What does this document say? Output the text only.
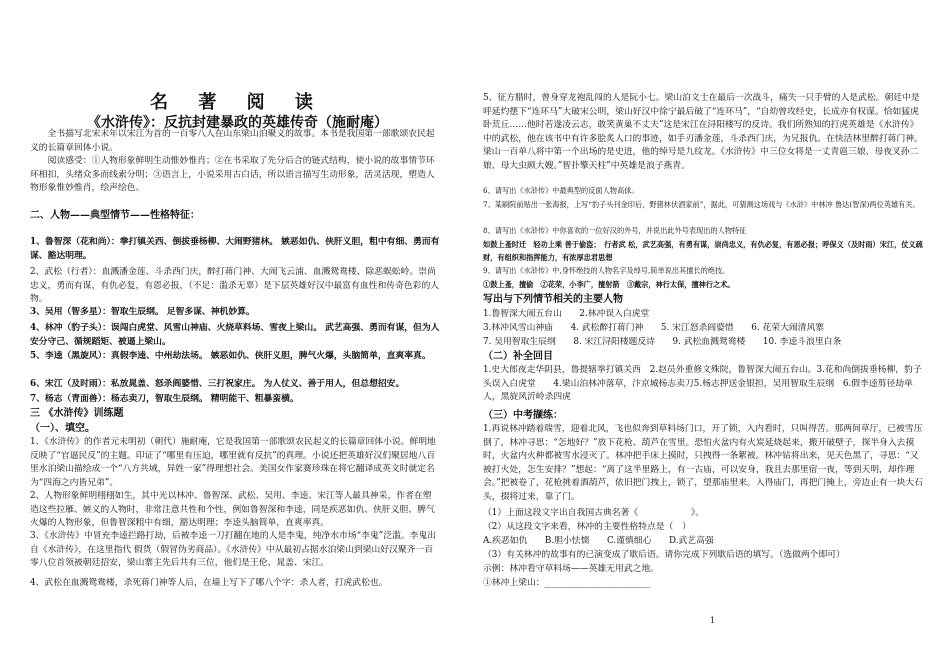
名 著 阅 读
《水浒传》：反抗封建暴政的英雄传奇（施耐庵）

全书描写北宋末年以宋江为首的一百零八人在山东梁山泊聚义的故事。本书是我国第一部歌颂农民起义的长篇章回体小说。

阅读感受：①人物形象鲜明生动惟妙惟肖；②在书采取了先分后合的链式结构，使小说的故事情节环环相扣，头绪众多而线索分明；③语言上，小说采用古白话，所以语言描写生动形象，活灵活现，塑造人物形象惟妙惟肖，绘声绘色。

二、人物——典型情节——性格特征：

1、鲁智深（花和尚）：拳打镇关西、倒拔垂杨柳、大闹野猪林。 嫉恶如仇、侠肝义胆，粗中有细、勇而有谋、豁达明理。

2、武松（行者）：血溅潘金莲、斗杀西门庆，醉打蒋门神、大闹飞云浦、血溅鸳鸯楼、除恶蜈蚣岭。崇尚忠义，勇而有谋，有仇必复，有恩必报，（不足：滥杀无辜）是下层英雄好汉中最富有血性和传奇色彩的人物。

3、吴用（智多星）：智取生辰纲。 足智多谋、神机妙算。

4、林冲（豹子头）：误闯白虎堂、风雪山神庙、火烧草料场、雪夜上梁山。 武艺高强、勇而有谋，但为人安分守己、循规蹈矩、被逼上梁山。

5、李逵（黑旋风）：真假李逵、中州劫法场。 嫉恶如仇、侠肝义胆，脾气火爆，头脑简单，直爽率真。

6、宋江（及时雨）：私放晁盖、怒杀阎婆惜、三打祝家庄。 为人仗义、善于用人，但总想招安。

7、杨志（青面兽）：杨志卖刀，智取生辰纲。 精明能干、粗暴蛮横。

三 《水浒传》训练题
（一）、填空。

1、《水浒传》的作者元末明初（朝代）施耐庵，它是我国第一部歌颂农民起义的长篇章回体小说。鲜明地反映了“官逼民反”的主题。印证了“哪里有压迫，哪里就有反抗”的真理。小说还把英雄好汉们聚居地八百里水泊梁山描绘成一个“八方共域，异姓一家”得理想社会。美国女作家赛珍珠在将它翻译成英文时就定名为“四海之内皆兄弟”。

2、人物形象鲜明栩栩如生，其中光以林冲、鲁智深、武松、吴用、李逵、宋江等人最具神采，作者在塑造这些拉雁、嫉义的人物时，非常注意共性和个性，例如鲁智深和李逵，同是疾恶如仇、侠肝义胆、脾气火爆的人物形象，但鲁智深粗中有细，豁达明理；李逵头脑简单，直爽率真。

3、《水浒传》中冒充李逵拦路打劫，后被李逵一刀打翻在地的人是李鬼，纯净水市场“李鬼”泛滥。李鬼出自《水浒传》，在这里指代 假货（假冒伪劣商品）。《水浒传》中从最初占据水泊梁山到梁山好汉聚齐一百零八位首领被朝廷招安，梁山寨主先后共有三位，他们是王伦、晁盖、宋江。

4、武松在血溅鸳鸯楼，杀死蒋门神等人后，在墙上写下了哪八个字：杀人者，打虎武松也。

1

5、征方腊时，曾身穿龙袍乱闯的人是阮小七。梁山泊文士在最后一次战斗，痛失一只手臂的人是武松。朝廷中是呼延灼摆下“连环马”大破宋公明，梁山好汉中徐宁最后破了“连环马”，“自幼曾攻经史，长成亦有权谋。恰如猛虎卧荒丘……他时若遂凌云志，敢笑黄巢不丈夫”这是宋江在浔阳楼写的反诗。我们所熟知的打虎英雄是《水浒传》中的武松，他在该书中有许多脍炙人口的事迹，如手刃潘金莲，斗杀西门庆，为兄报仇。在快活林里醉打蒋门神。梁山一百单八将中第一个出场的是史进，他的绰号是九纹龙。《水浒传》中三位女将是一丈青扈三娘、母夜叉孙二娘、母大虫顾大嫂。”智扑擎天柱”中英雄是浪子燕青。

6、请写出《水浒传》中最典型的反面人物高俅。

7、某刷院前贴出一张海报，上写“豹子头刊金印后，野猪林伏酒家前”，据此，可猜测这场戏与《水浒》中林冲 鲁达(智深)两位英雄有关。

8、请写出《水浒传》中你喜欢的一位好汉的外号，并说出此外号表现出的人物特征

如鼓上蚤时迁　轻功上乘 善于偷盗；　行者武 松，武艺高强，有勇有谋，崇尚忠义，有仇必复，有恩必报；呼保义（及时雨）宋江，仗义疏财，有组织和指挥能力，有浓厚忠君思想

9、请写出《水浒传》中,身怀绝技的人物名字及绰号,简单说出其擅长的绝技。

①鼓上蚤，擅偷　②花荣，小李广，擅射箭　③戴宗，神行太保，擅神行之术。

写出与下列情节相关的主要人物

1.鲁智深大闹五台山　　2.林冲误入白虎堂

3.林冲风雪山神庙　　4. 武松醉打蒋门神　　5. 宋江怒杀阎婆惜　　6. 花荣大闹清风寨

7. 吴用智取生辰纲　　8. 宋江浔阳楼题反诗　　9. 武松血溅鸳鸯楼　　10. 李逵斗浪里白条

（二）补全回目

1.史大郎夜走华阴县，鲁提辖拳打镇关西　2.赵员外重修文殊院，鲁智深大闹五台山。3.花和尚倒拔垂杨柳，豹子头误入白虎堂　　4.梁山泊林冲落草，汴京城杨志卖刀5.杨志押送金银担，吴用智取生辰纲　6.假李逵剪径劫单人，黑旋风沂岭杀四虎

（三）中考撷练：

1.再说林冲踏着瑞雪，迎着北风，飞也似奔到草料场门口，开了锁，入内看时，只叫得苦。那两间草厅，已被雪压倒了，林冲寻思：“怎地好？”放下花枪、葫芦在雪里。恐怕火盆内有火炭延烧起来，搬开破壁子，探半身入去摸时，火盆内火种都被雪水浸灭了。林冲把手床上摸时，只拽得一条絮被。林冲钻将出来，见天色黑了，寻思：“又被打火处，怎生安排？”想起：“离了这半里路上，有一古庙，可以安身，我且去那里宿一夜，等到天明，却作理会。”把被卷了，花枪挑着酒葫芦，依旧把门拽上，锁了，望那庙里来。入得庙门，再把门掩上，旁边止有一块大石头，掇将过来，靠了门。

（1）上面这段文字出自我国古典名著《　　　　　　》。

（2）从这段文字来看，林冲的主要性格特点是（　）

A.疾恶如仇　　B.胆小怯懦　　C.谨慎细心　　D.武艺高强

（3）有关林冲的故事有的已演变成了歇后语。请你完成下列歇后语的填写。（选做两个即可）

示例：林冲看守草料场——英雄无用武之地。

①林冲上梁山：________________________
